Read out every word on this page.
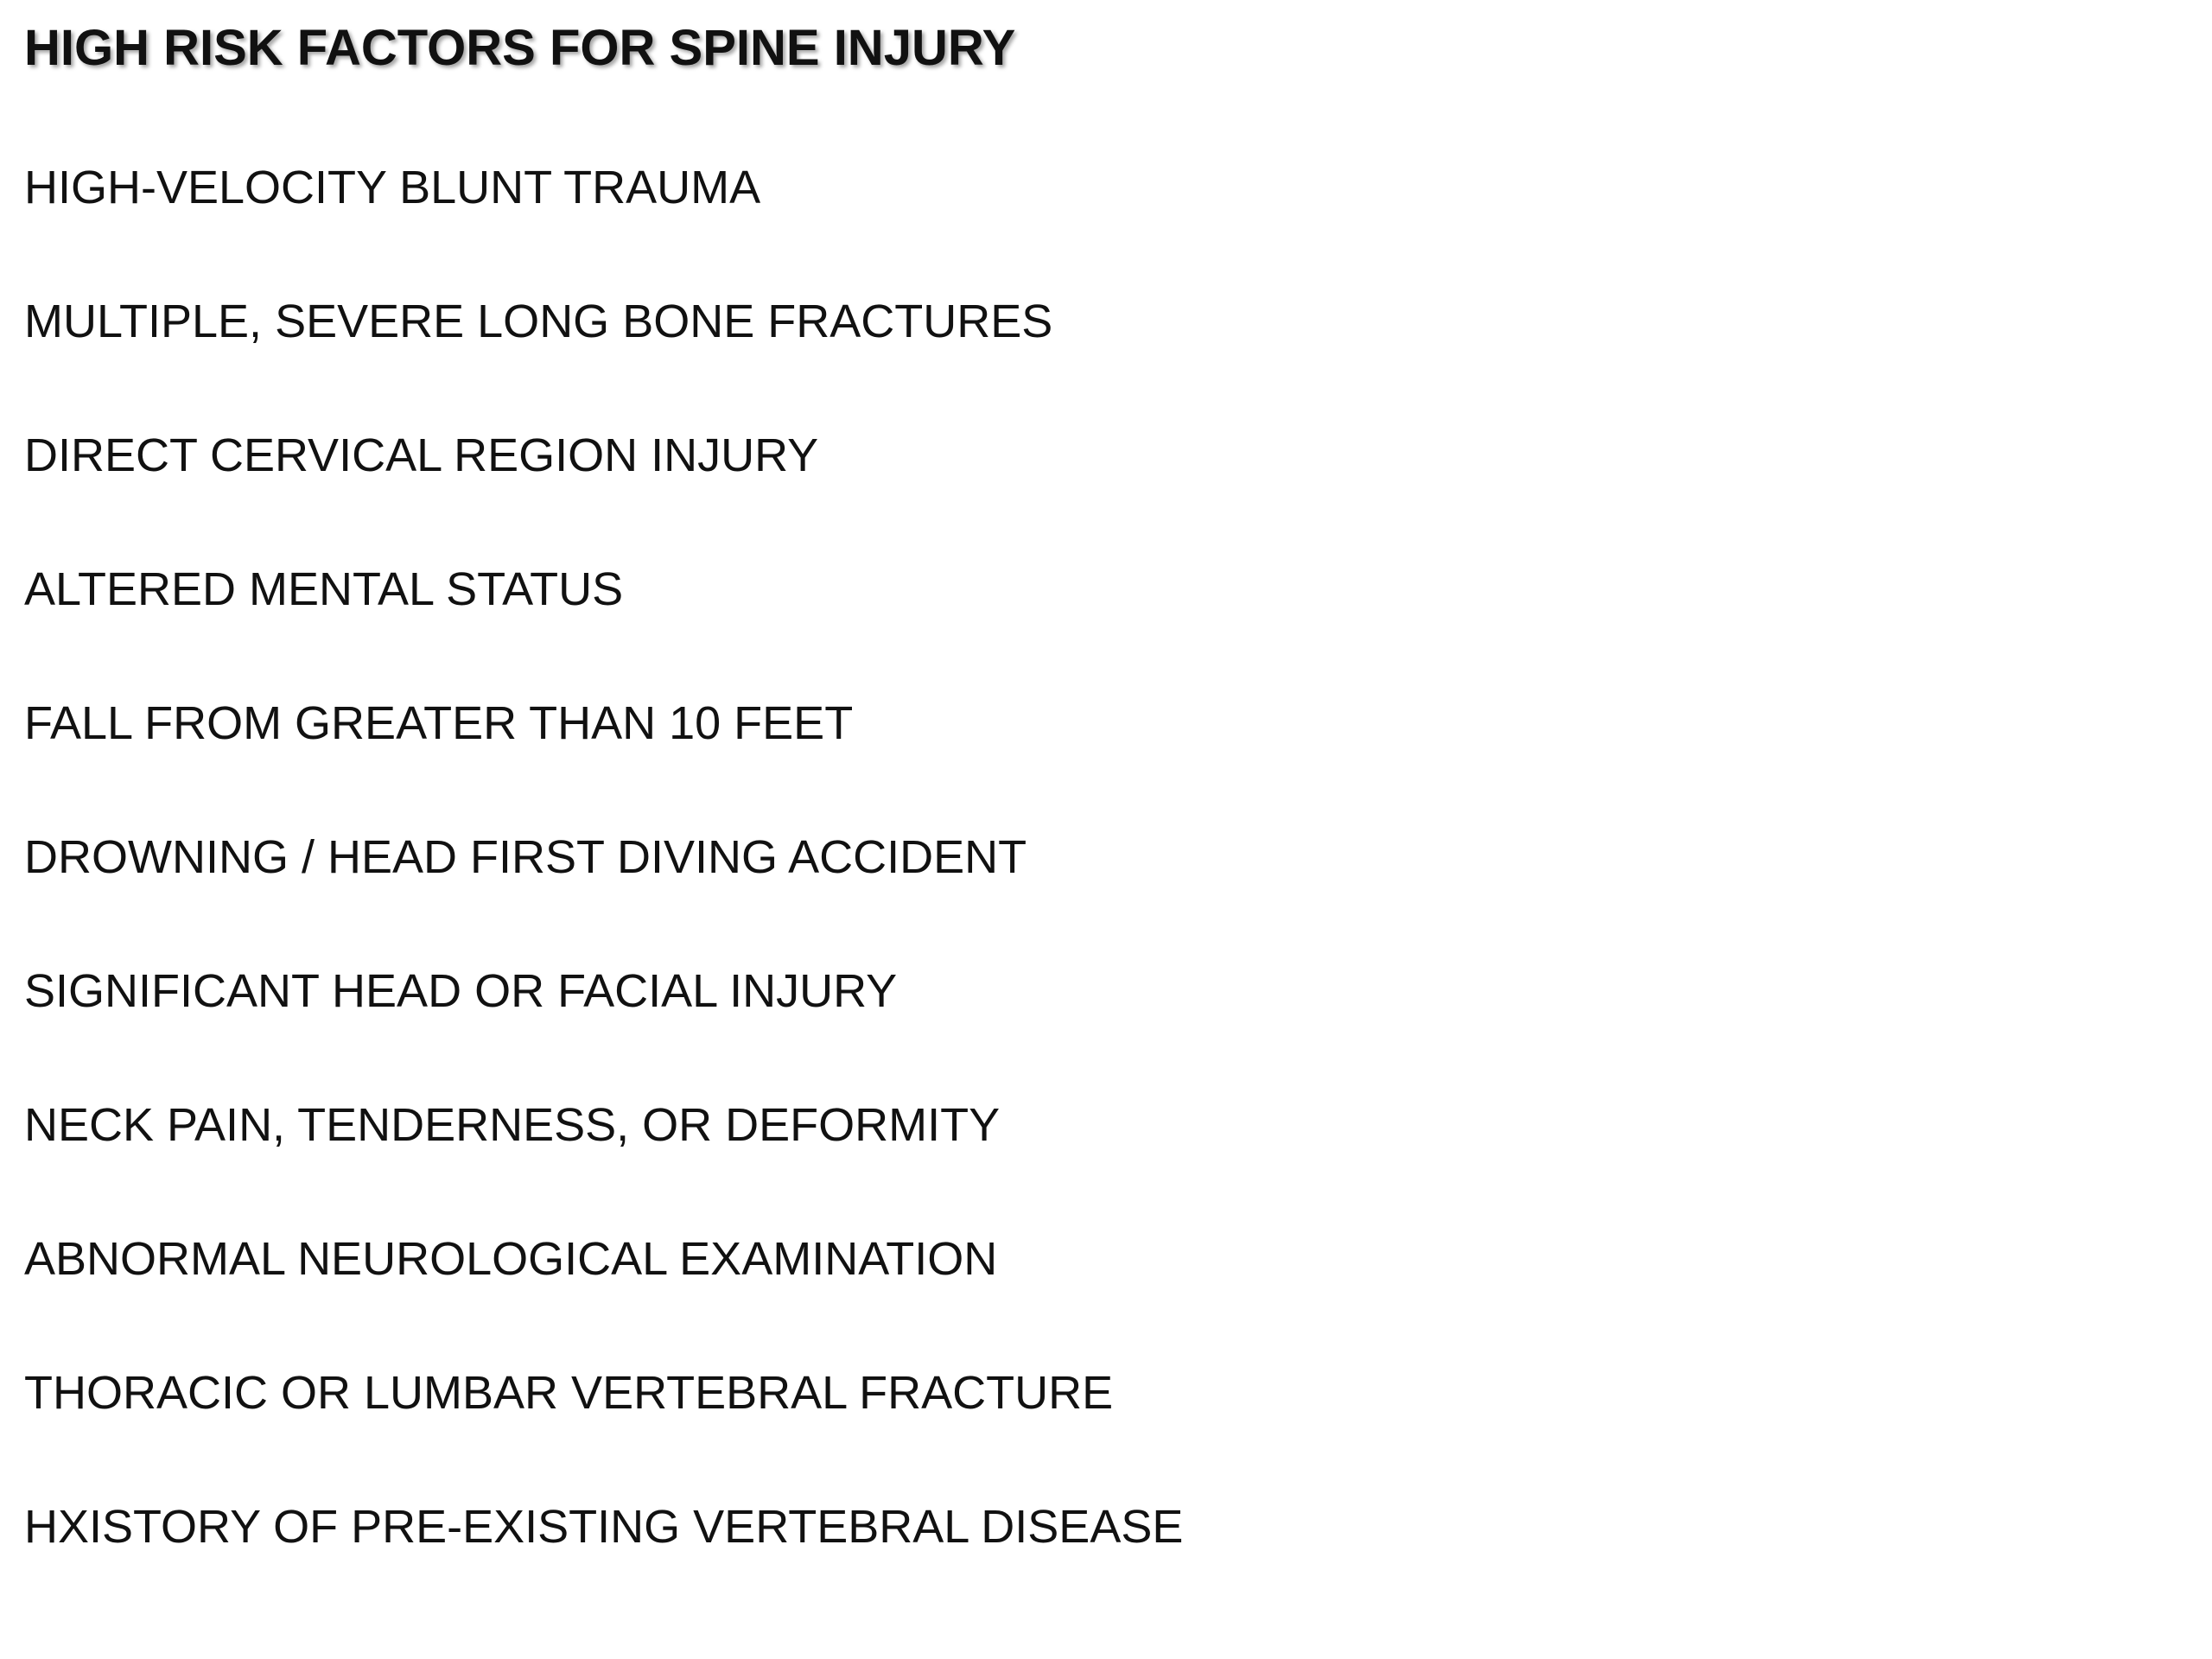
HIGH RISK FACTORS FOR SPINE INJURY
HIGH-VELOCITY BLUNT TRAUMA
MULTIPLE, SEVERE LONG BONE FRACTURES
DIRECT CERVICAL REGION INJURY
ALTERED MENTAL STATUS
FALL FROM GREATER THAN 10 FEET
DROWNING / HEAD FIRST DIVING ACCIDENT
SIGNIFICANT HEAD OR FACIAL INJURY
NECK PAIN, TENDERNESS, OR DEFORMITY
ABNORMAL NEUROLOGICAL EXAMINATION
THORACIC OR LUMBAR VERTEBRAL FRACTURE
HXISTORY OF PRE-EXISTING VERTEBRAL DISEASE
